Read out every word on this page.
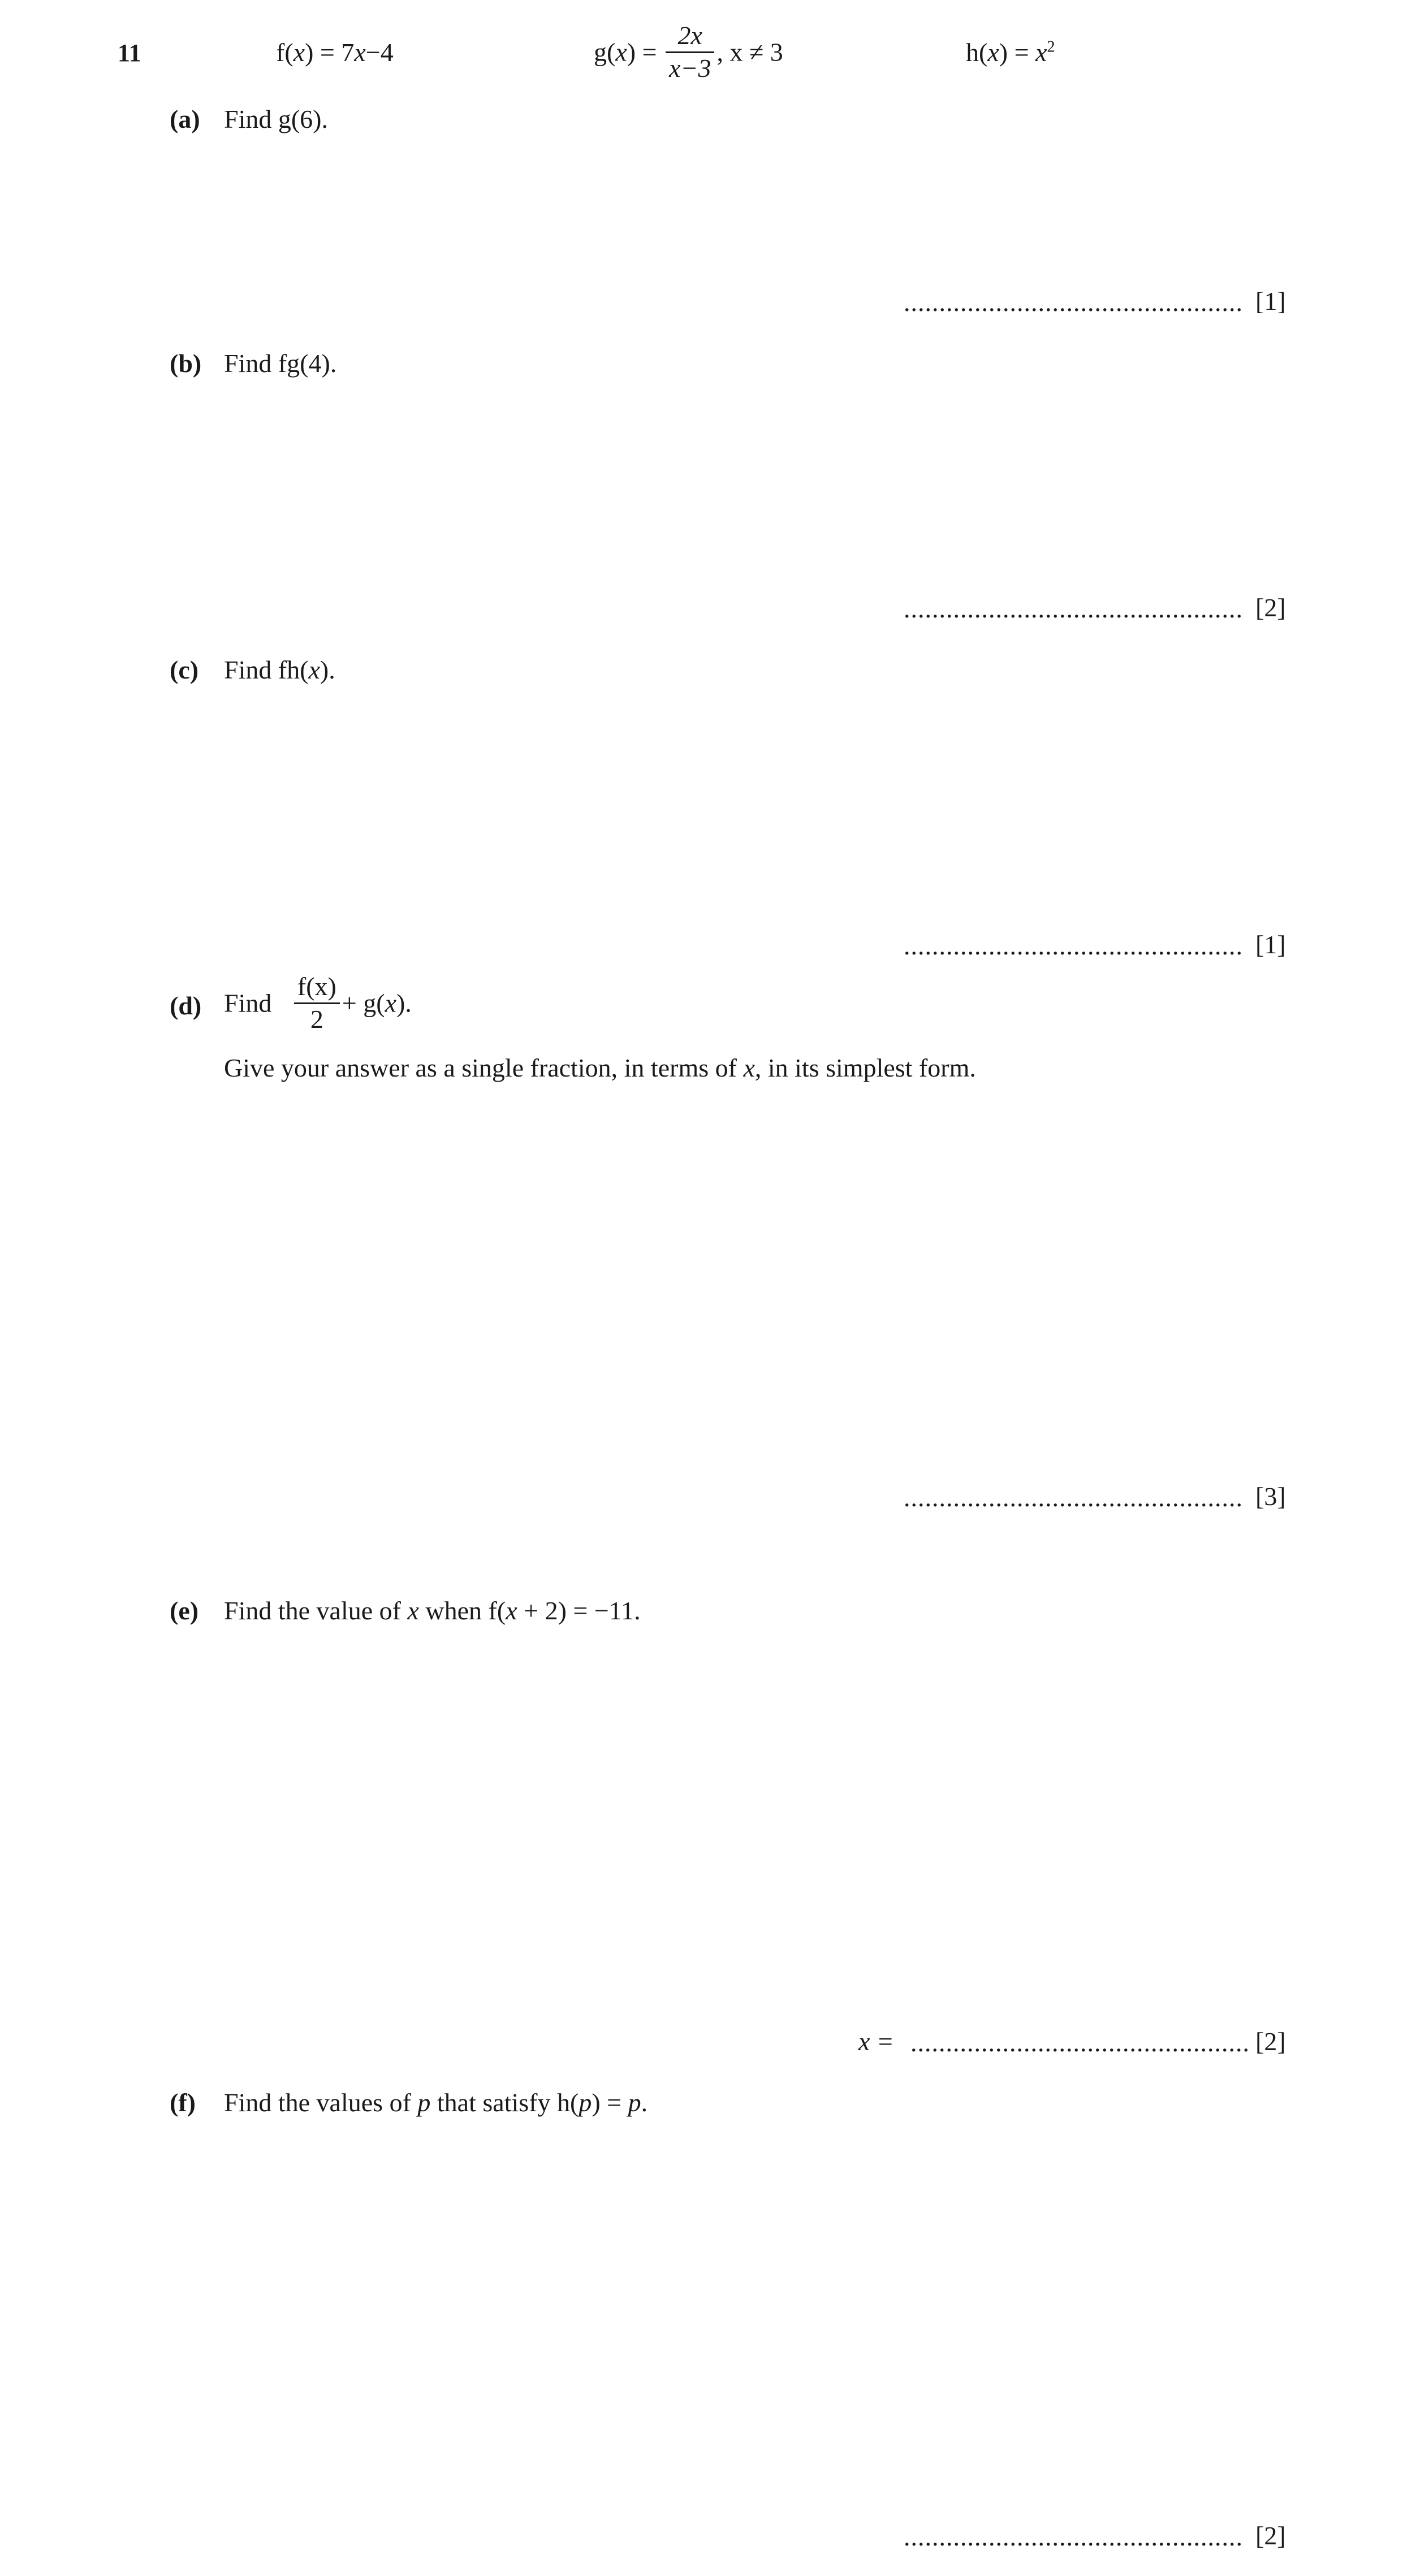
11	f(x) = 7x−4	$g(x) = \frac{2x}{x-3}$ , x ≠ 3	$h(x) = x^2$
(a) Find g(6).
................................................ [1]
(b) Find fg(4).
................................................ [2]
(c) Find fh(x).
................................................ [1]
(d) Find $\frac{f(x)}{2} + g(x)$.
Give your answer as a single fraction, in terms of x, in its simplest form.
................................................ [3]
(e) Find the value of x when f(x + 2) = −11.
x = ................................................ [2]
(f) Find the values of p that satisfy h(p) = p.
................................................ [2]
